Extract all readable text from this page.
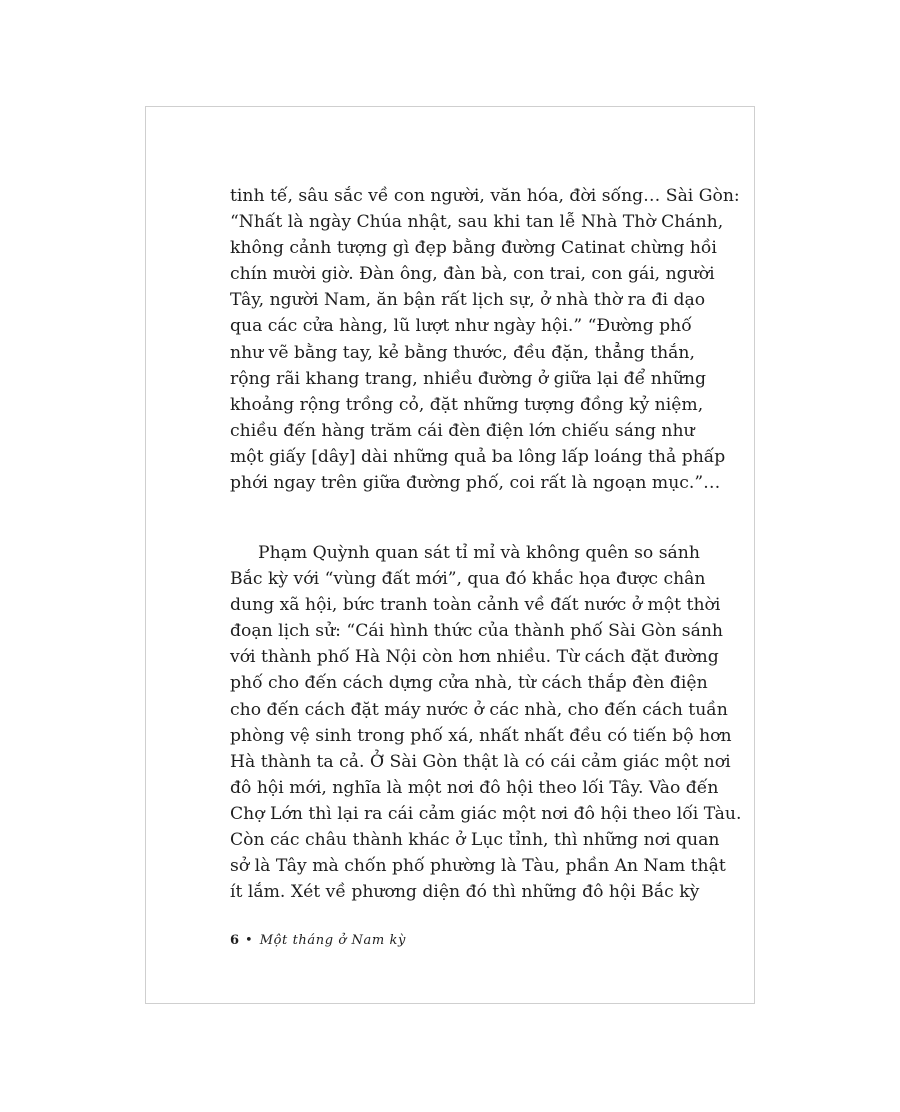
tinh tế, sâu sắc về con người, văn hóa, đời sống… Sài Gòn:
“Nhất là ngày Chúa nhật, sau khi tan lễ Nhà Thờ Chánh,
không cảnh tượng gì đẹp bằng đường Catinat chừng hồi
chín mười giờ. Đàn ông, đàn bà, con trai, con gái, người
Tây, người Nam, ăn bận rất lịch sự, ở nhà thờ ra đi dạo
qua các cửa hàng, lũ lượt như ngày hội.” “Đường phố
như vẽ bằng tay, kẻ bằng thước, đều đặn, thẳng thắn,
rộng rãi khang trang, nhiều đường ở giữa lại để những
khoảng rộng trồng cỏ, đặt những tượng đồng kỷ niệm,
chiều đến hàng trăm cái đèn điện lớn chiếu sáng như
một giấy [dây] dài những quả ba lông lấp loáng thả phấp
phới ngay trên giữa đường phố, coi rất là ngoạn mục.”…
Phạm Quỳnh quan sát tỉ mỉ và không quên so sánh
Bắc kỳ với “vùng đất mới”, qua đó khắc họa được chân
dung xã hội, bức tranh toàn cảnh về đất nước ở một thời
đoạn lịch sử: “Cái hình thức của thành phố Sài Gòn sánh
với thành phố Hà Nội còn hơn nhiều. Từ cách đặt đường
phố cho đến cách dựng cửa nhà, từ cách thắp đèn điện
cho đến cách đặt máy nước ở các nhà, cho đến cách tuần
phòng vệ sinh trong phố xá, nhất nhất đều có tiến bộ hơn
Hà thành ta cả. Ở Sài Gòn thật là có cái cảm giác một nơi
đô hội mới, nghĩa là một nơi đô hội theo lối Tây. Vào đến
Chợ Lớn thì lại ra cái cảm giác một nơi đô hội theo lối Tàu.
Còn các châu thành khác ở Lục tỉnh, thì những nơi quan
sở là Tây mà chốn phố phường là Tàu, phần An Nam thật
ít lắm. Xét về phương diện đó thì những đô hội Bắc kỳ
6 • Một tháng ở Nam kỳ
